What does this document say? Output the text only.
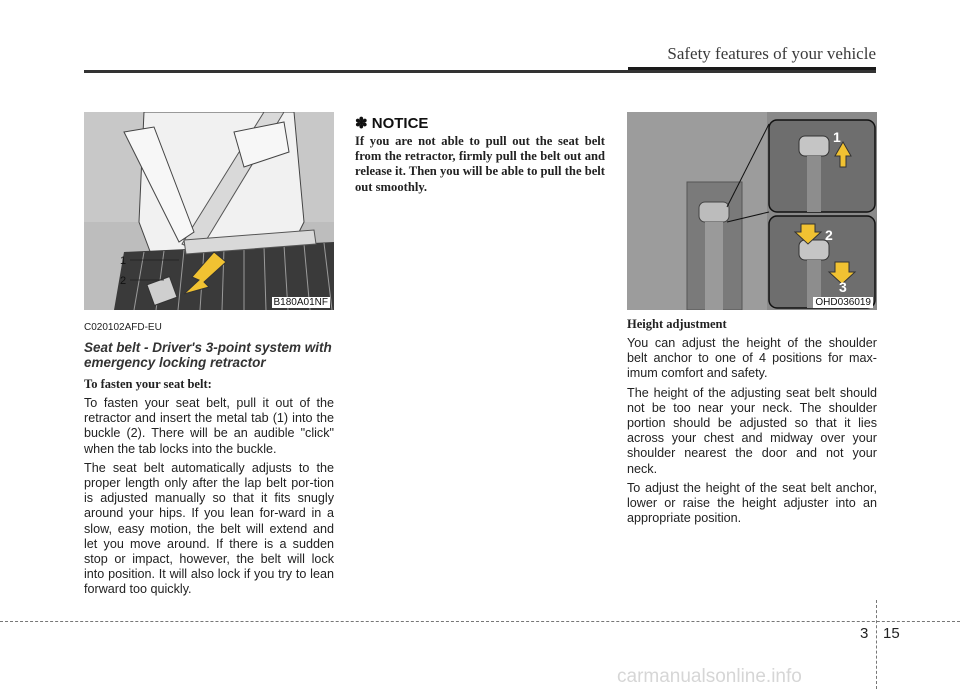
Safety features of your vehicle
1
2
B180A01NF
C020102AFD-EU
Seat belt - Driver's 3-point system with emergency locking retractor
To fasten your seat belt:

To fasten your seat belt, pull it out of the retractor and insert the metal tab (1) into the buckle (2). There will be an audible "click" when the tab locks into the buckle.

The seat belt automatically adjusts to the proper length only after the lap belt por-tion is adjusted manually so that it fits snugly around your hips. If you lean for-ward in a slow, easy motion, the belt will extend and let you move around. If there is a sudden stop or impact, however, the belt will lock into position. It will also lock if you try to lean forward too quickly.

✽ NOTICE
If you are not able to pull out the seat belt from the retractor, firmly pull the belt out and release it. Then you will be able to pull the belt out smoothly.
1
2
3
OHD036019
Height adjustment

You can adjust the height of the shoulder belt anchor to one of 4 positions for max-imum comfort and safety.

The height of the adjusting seat belt should not be too near your neck. The shoulder portion should be adjusted so that it lies across your chest and midway over your shoulder nearest the door and not your neck.

To adjust the height of the seat belt anchor, lower or raise the height adjuster into an appropriate position.

3 15
carmanualsonline.info
